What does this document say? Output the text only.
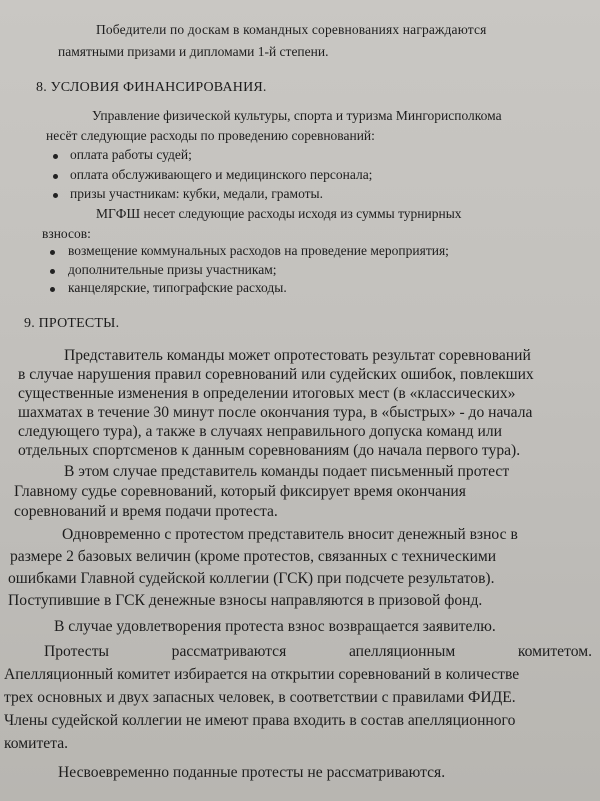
Победители по доскам в командных соревнованиях награждаются

памятными призами и дипломами 1-й степени.

8. УСЛОВИЯ ФИНАНСИРОВАНИЯ.

Управление физической культуры, спорта и туризма Мингорисполкома

несёт следующие расходы по проведению соревнований:

оплата работы судей;

оплата обслуживающего и медицинского персонала;

призы участникам: кубки, медали, грамоты.

МГФШ несет следующие расходы исходя из суммы турнирных

взносов:

возмещение коммунальных расходов на проведение мероприятия;

дополнительные призы участникам;

канцелярские, типографские расходы.

9. ПРОТЕСТЫ.

Представитель команды может опротестовать результат соревнований

в случае нарушения правил соревнований или судейских ошибок, повлекших

существенные изменения в определении итоговых мест (в «классических»

шахматах в течение 30 минут после окончания тура, в «быстрых» - до начала

следующего тура), а также в случаях неправильного допуска команд или

отдельных спортсменов к данным соревнованиям (до начала первого тура).

В этом случае представитель команды подает письменный протест

Главному судье соревнований, который фиксирует время окончания

соревнований и время подачи протеста.

Одновременно с протестом представитель вносит денежный взнос в

размере 2 базовых величин (кроме протестов, связанных с техническими

ошибками Главной судейской коллегии (ГСК) при подсчете результатов).

Поступившие в ГСК денежные взносы направляются в призовой фонд.

В случае удовлетворения протеста взнос возвращается заявителю.

Протесты	рассматриваются	апелляционным	комитетом.

Апелляционный комитет избирается на открытии соревнований в количестве

трех основных и двух запасных человек, в соответствии с правилами ФИДЕ.

Члены судейской коллегии не имеют права входить в состав апелляционного

комитета.

Несвоевременно поданные протесты не рассматриваются.
